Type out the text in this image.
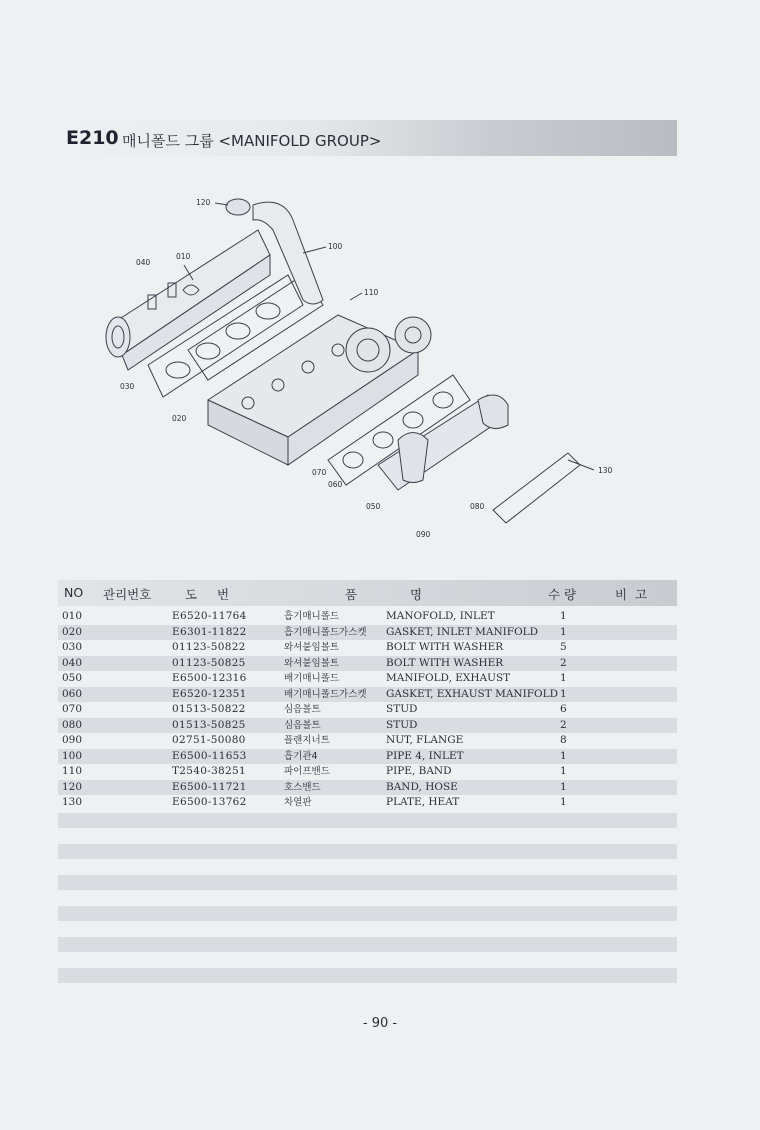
E210 매니폴드 그룹 <MANIFOLD GROUP>
120
100
040
010
110
030
020
070
060
050	080
090
130
NO 관리번호	도     번	품	명	수 량	비  고
010	E6520-11764	흡기매니폴드	MANOFOLD, INLET	1
020	E6301-11822	흡기매니폴드가스켓 GASKET, INLET MANIFOLD 1
030	01123-50822	와셔붙임볼트	BOLT WITH WASHER	5
040	01123-50825	와셔붙임볼트	BOLT WITH WASHER	2
050	E6500-12316	배기매니폴드	MANIFOLD, EXHAUST	1
060	E6520-12351	배기매니폴드가스켓 GASKET, EXHAUST MANIFOLD 1
070	01513-50822	심음볼트	STUD	6
080	01513-50825	심음볼트	STUD	2
090	02751-50080	플랜지너트	NUT, FLANGE	8
100	E6500-11653	흡기관4	PIPE 4, INLET	1
110	T2540-38251	파이프밴드	PIPE, BAND	1
120	E6500-11721	호스밴드	BAND, HOSE	1
130	E6500-13762	차열판	PLATE, HEAT	1
- 90 -
